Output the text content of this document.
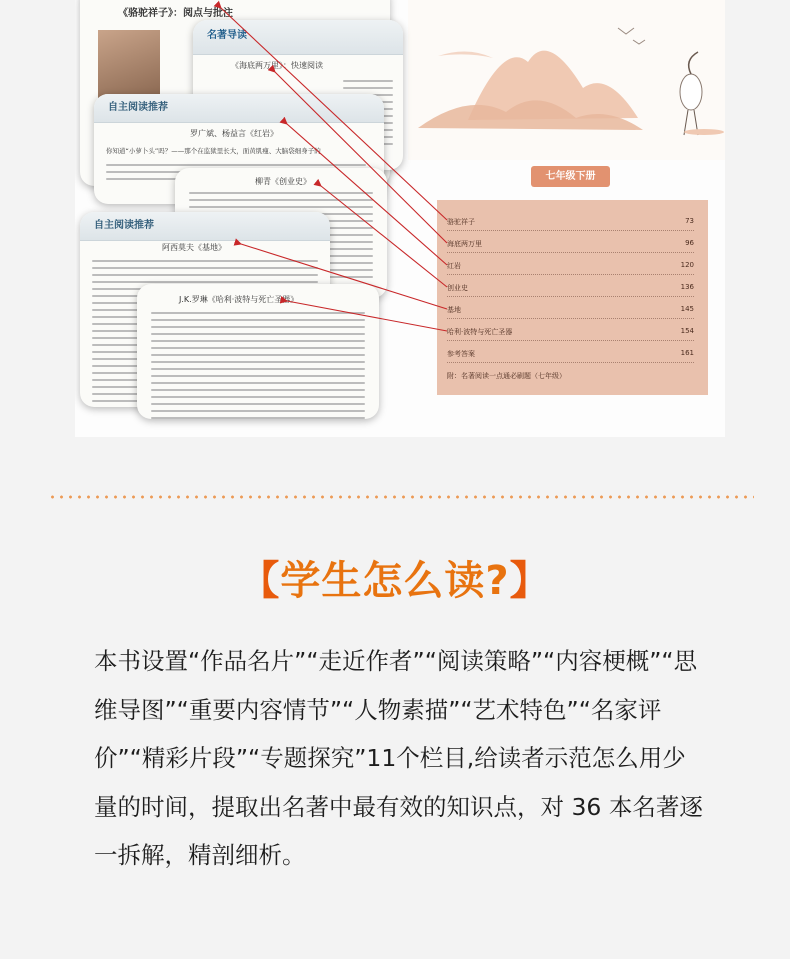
七年级下册
骆驼祥子	73
海底两万里	96
红岩	120
创业史	136
基地	145
哈利·波特与死亡圣器	154
参考答案	161
附：名著阅读一点通必刷题（七年级）
《骆驼祥子》：阅点与批注
名著导读
《海底两万里》：快速阅读
自主阅读推荐
罗广斌、杨益言《红岩》
你知道“小萝卜头”吗？——那个在监狱里长大，面黄肌瘦、大脑袋细身子的
柳青《创业史》
自主阅读推荐
阿西莫夫《基地》
J.K.罗琳《哈利·波特与死亡圣器》
【学生怎么读?】

本书设置“作品名片”“走近作者”“阅读策略”“内容梗概”“思维导图”“重要内容情节”“人物素描”“艺术特色”“名家评价”“精彩片段”“专题探究”11个栏目,给读者示范怎么用少量的时间，提取出名著中最有效的知识点，对 36 本名著逐一拆解，精剖细析。
